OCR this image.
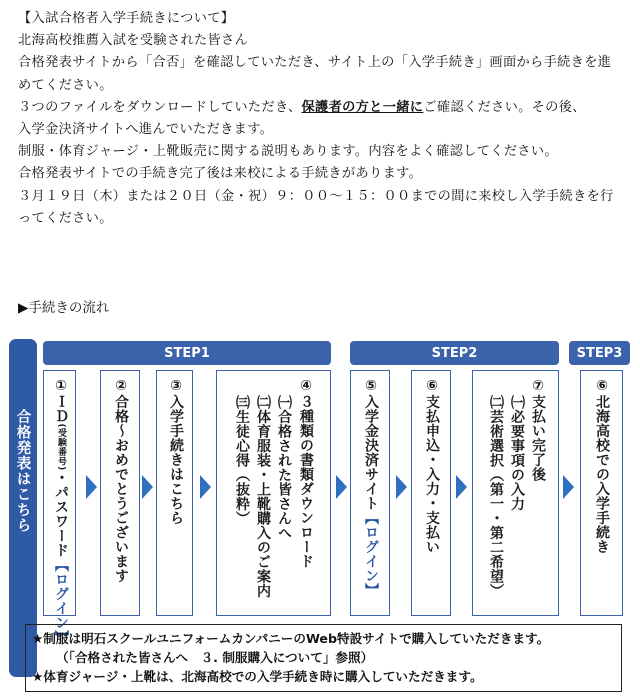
【入試合格者入学手続きについて】

北海高校推薦入試を受験された皆さん

合格発表サイトから「合否」を確認していただき、サイト上の「入学手続き」画面から手続きを進めてください。

３つのファイルをダウンロードしていただき、保護者の方と一緒にご確認ください。その後、

入学金決済サイトへ進んでいただきます。

制服・体育ジャージ・上靴販売に関する説明もあります。内容をよく確認してください。

合格発表サイトでの手続き完了後は来校による手続きがあります。

３月１９日（木）または２０日（金・祝）９：００～１５：００までの間に来校し入学手続きを行ってください。

▶手続きの流れ
合格発表はこちら
STEP1	STEP2	STEP3
①ＩＤ(受験番号)・パスワード【ログイン】
②合格～おめでとうございます
③入学手続きはこちら
④３種類の書類ダウンロード
㈠合格された皆さんへ
㈡体育服装・上靴購入のご案内
㈢生徒心得（抜粋）
⑤入学金決済サイト【ログイン】
⑥支払申込・入力・支払い
⑦支払い完了後
㈠必要事項の入力
㈡芸術選択（第一・第二希望）
⑥北海高校での入学手続き

★制服は明石スクールユニフォームカンパニーのWeb特設サイトで購入していただきます。

（「合格された皆さんへ　３. 制服購入について」参照）

★体育ジャージ・上靴は、北海高校での入学手続き時に購入していただきます。
